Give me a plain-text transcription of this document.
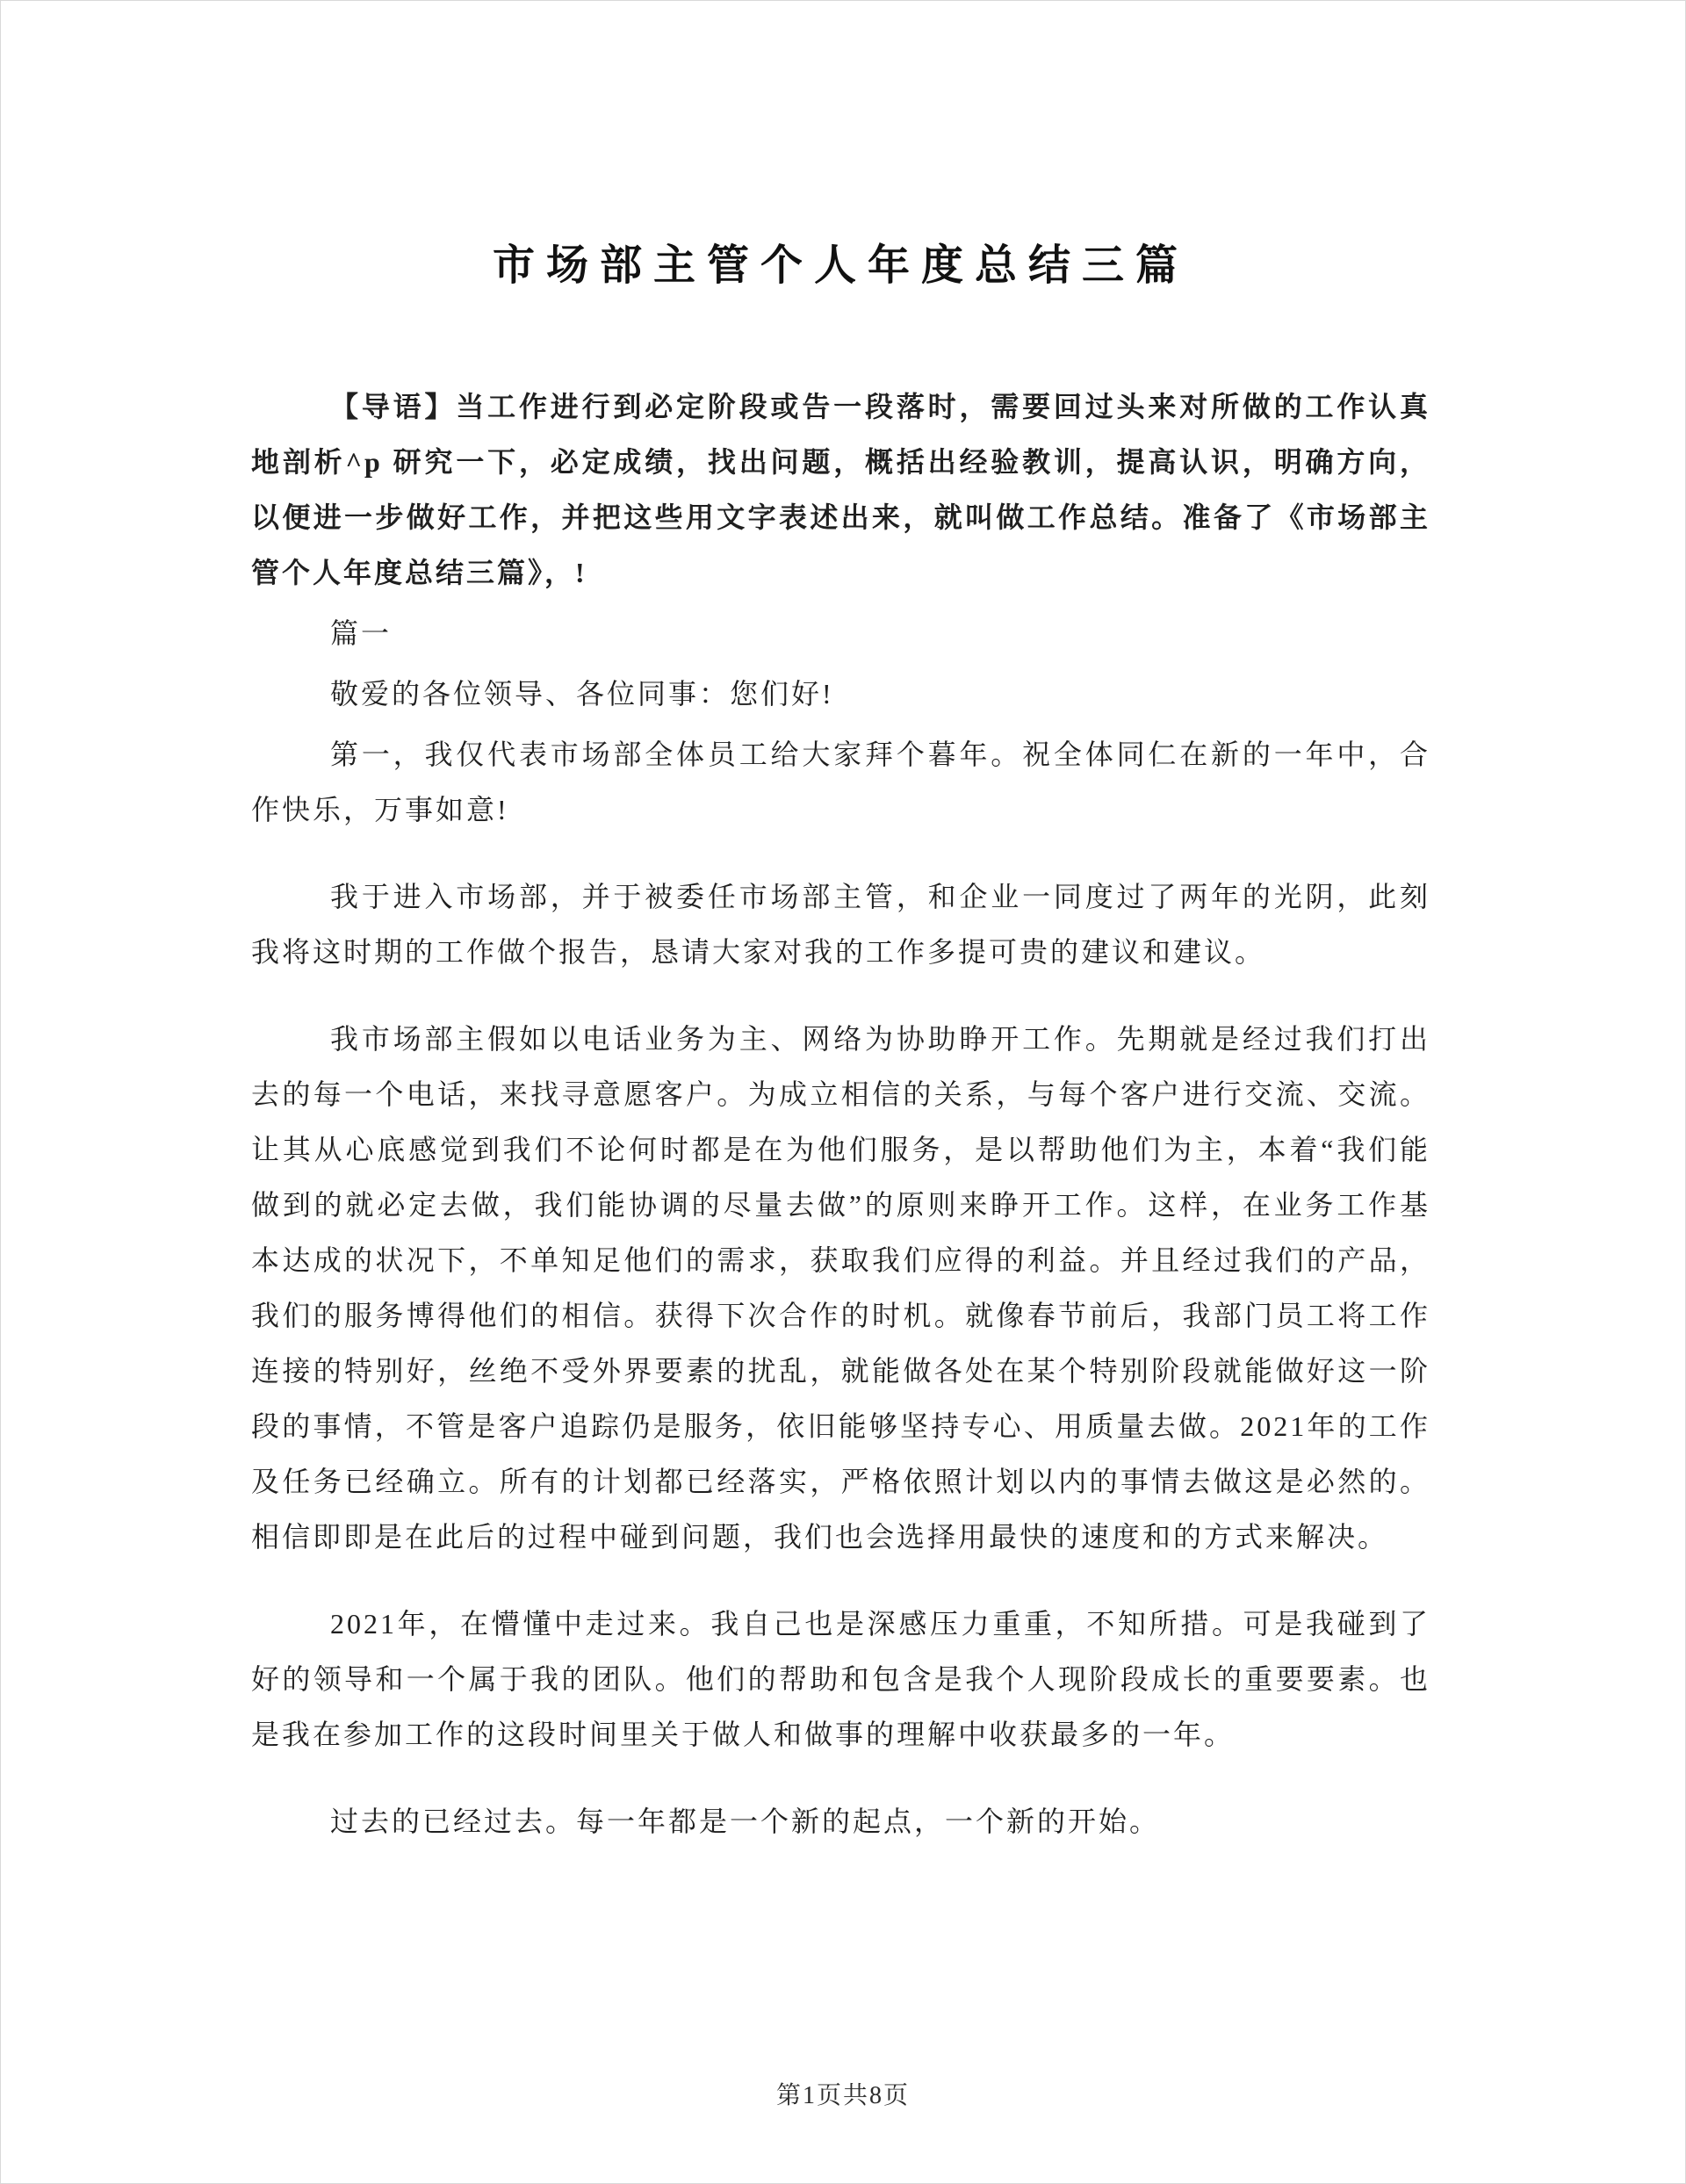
市场部主管个人年度总结三篇

【导语】当工作进行到必定阶段或告一段落时，需要回过头来对所做的工作认真地剖析^p 研究一下，必定成绩，找出问题，概括出经验教训，提高认识，明确方向，以便进一步做好工作，并把这些用文字表述出来，就叫做工作总结。准备了《市场部主管个人年度总结三篇》，!

篇一

敬爱的各位领导、各位同事：您们好!

第一，我仅代表市场部全体员工给大家拜个暮年。祝全体同仁在新的一年中，合作快乐，万事如意!

我于进入市场部，并于被委任市场部主管，和企业一同度过了两年的光阴，此刻我将这时期的工作做个报告，恳请大家对我的工作多提可贵的建议和建议。

我市场部主假如以电话业务为主、网络为协助睁开工作。先期就是经过我们打出去的每一个电话，来找寻意愿客户。为成立相信的关系，与每个客户进行交流、交流。让其从心底感觉到我们不论何时都是在为他们服务，是以帮助他们为主，本着“我们能做到的就必定去做，我们能协调的尽量去做”的原则来睁开工作。这样，在业务工作基本达成的状况下，不单知足他们的需求，获取我们应得的利益。并且经过我们的产品，我们的服务博得他们的相信。获得下次合作的时机。就像春节前后，我部门员工将工作连接的特别好，丝绝不受外界要素的扰乱，就能做各处在某个特别阶段就能做好这一阶段的事情，不管是客户追踪仍是服务，依旧能够坚持专心、用质量去做。2021年的工作及任务已经确立。所有的计划都已经落实，严格依照计划以内的事情去做这是必然的。相信即即是在此后的过程中碰到问题，我们也会选择用最快的速度和的方式来解决。

2021年，在懵懂中走过来。我自己也是深感压力重重，不知所措。可是我碰到了好的领导和一个属于我的团队。他们的帮助和包含是我个人现阶段成长的重要要素。也是我在参加工作的这段时间里关于做人和做事的理解中收获最多的一年。

过去的已经过去。每一年都是一个新的起点，一个新的开始。

第1页共8页
